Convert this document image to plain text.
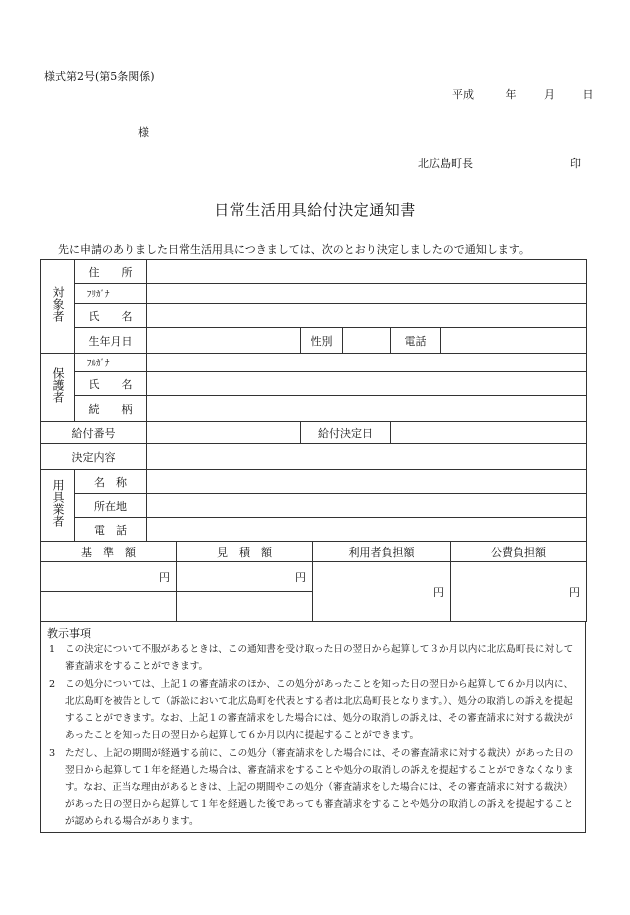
様式第2号(第5条関係)
平成	年	月	日
様
北広島町長	印
日常生活用具給付決定通知書
先に申請のありました日常生活用具につきましては、次のとおり決定しましたので通知します。
対象者	住　　所					
	ﾌﾘｶﾞﾅ					
	氏　　名					
	生年月日		性別		電話	
保護者	ﾌﾙｶﾞﾅ					
	氏　　名					
	続　　柄					
給付番号			給付決定日			
決定内容						
用具業者	名　称					
	所在地					
	電　話					
基　準　額	見　積　額	利用者負担額	公費負担額
円	円	円	円

教示事項
1 この決定について不服があるときは、この通知書を受け取った日の翌日から起算して３か月以内に北広島町長に対して審査請求をすることができます。
2 この処分については、上記１の審査請求のほか、この処分があったことを知った日の翌日から起算して６か月以内に、北広島町を被告として（訴訟において北広島町を代表とする者は北広島町長となります。）、処分の取消しの訴えを提起することができます。なお、上記１の審査請求をした場合には、処分の取消しの訴えは、その審査請求に対する裁決があったことを知った日の翌日から起算して６か月以内に提起することができます。
3 ただし、上記の期間が経過する前に、この処分（審査請求をした場合には、その審査請求に対する裁決）があった日の翌日から起算して１年を経過した場合は、審査請求をすることや処分の取消しの訴えを提起することができなくなります。なお、正当な理由があるときは、上記の期間やこの処分（審査請求をした場合には、その審査請求に対する裁決）があった日の翌日から起算して１年を経過した後であっても審査請求をすることや処分の取消しの訴えを提起することが認められる場合があります。
